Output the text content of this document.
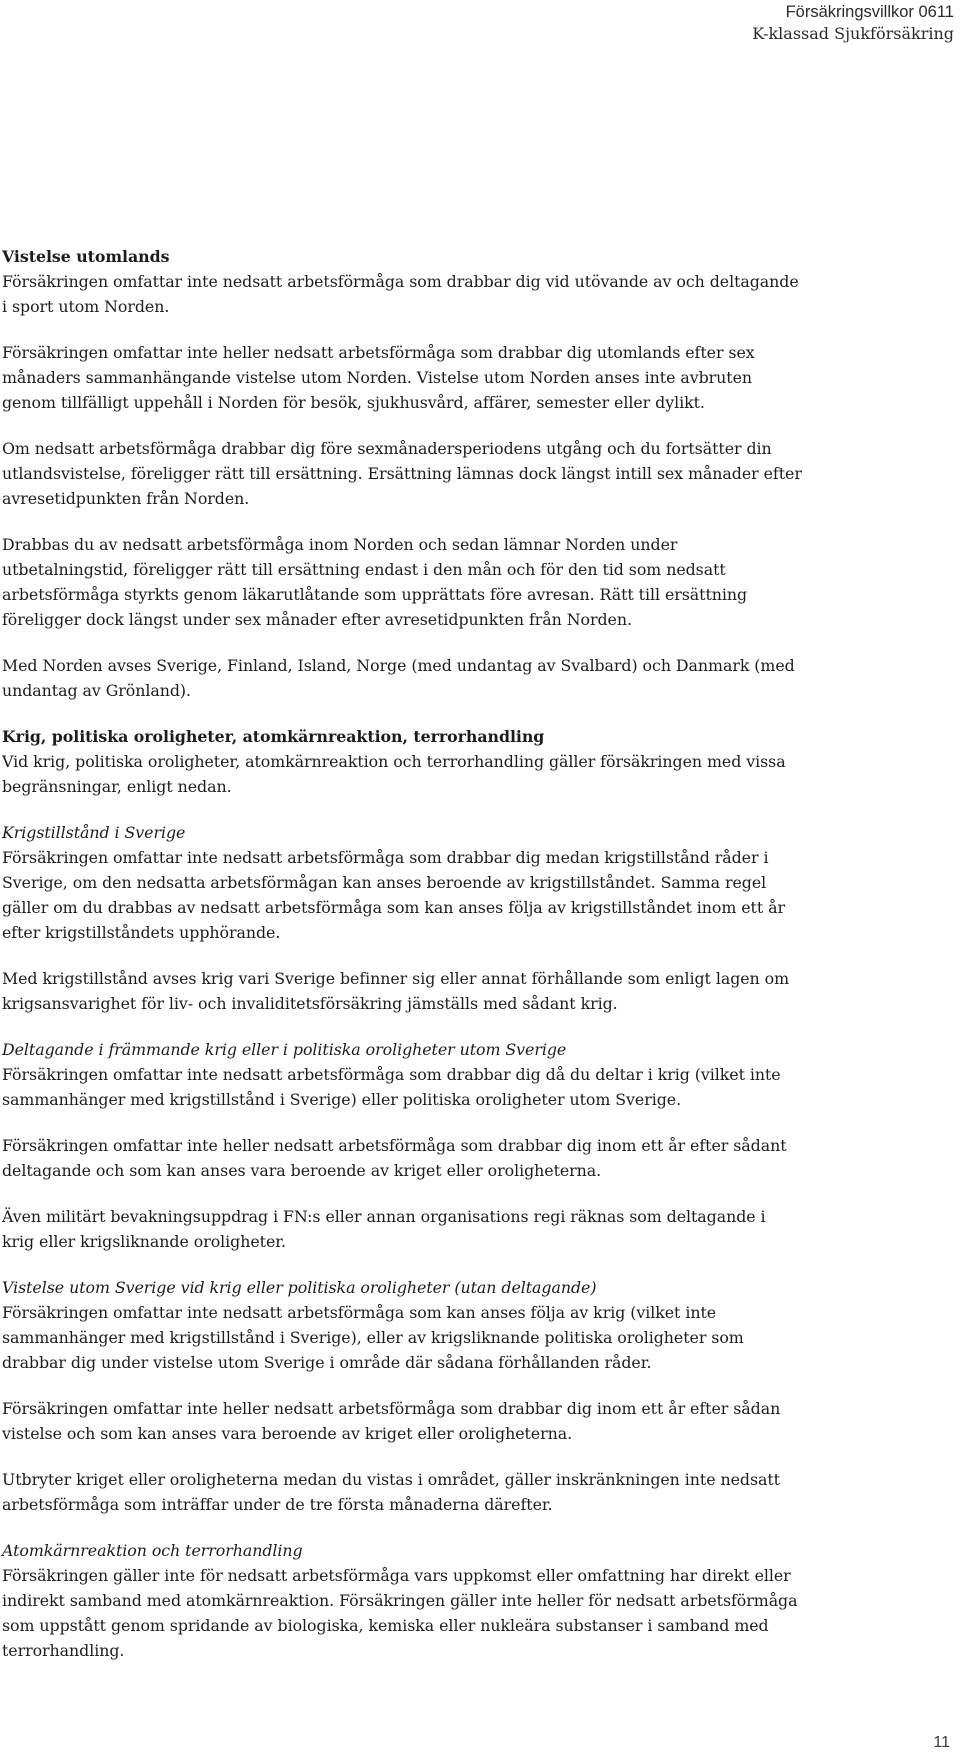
Försäkringsvillkor 0611
K-klassad Sjukförsäkring
Vistelse utomlands
Försäkringen omfattar inte nedsatt arbetsförmåga som drabbar dig vid utövande av och deltagande i sport utom Norden.

Försäkringen omfattar inte heller nedsatt arbetsförmåga som drabbar dig utomlands efter sex månaders sammanhängande vistelse utom Norden. Vistelse utom Norden anses inte avbruten genom tillfälligt uppehåll i Norden för besök, sjukhusvård, affärer, semester eller dylikt.

Om nedsatt arbetsförmåga drabbar dig före sexmånadersperiodens utgång och du fortsätter din utlandsvistelse, föreligger rätt till ersättning. Ersättning lämnas dock längst intill sex månader efter avresetidpunkten från Norden.

Drabbas du av nedsatt arbetsförmåga inom Norden och sedan lämnar Norden under utbetalningstid, föreligger rätt till ersättning endast i den mån och för den tid som nedsatt arbetsförmåga styrkts genom läkarutlåtande som upprättats före avresan. Rätt till ersättning föreligger dock längst under sex månader efter avresetidpunkten från Norden.

Med Norden avses Sverige, Finland, Island, Norge (med undantag av Svalbard) och Danmark (med undantag av Grönland).

Krig, politiska oroligheter, atomkärnreaktion, terrorhandling
Vid krig, politiska oroligheter, atomkärnreaktion och terrorhandling gäller försäkringen med vissa begränsningar, enligt nedan.
Krigstillstånd i Sverige
Försäkringen omfattar inte nedsatt arbetsförmåga som drabbar dig medan krigstillstånd råder i Sverige, om den nedsatta arbetsförmågan kan anses beroende av krigstillståndet. Samma regel gäller om du drabbas av nedsatt arbetsförmåga som kan anses följa av krigstillståndet inom ett år efter krigstillståndets upphörande.

Med krigstillstånd avses krig vari Sverige befinner sig eller annat förhållande som enligt lagen om krigsansvarighet för liv- och invaliditetsförsäkring jämställs med sådant krig.

Deltagande i främmande krig eller i politiska oroligheter utom Sverige
Försäkringen omfattar inte nedsatt arbetsförmåga som drabbar dig då du deltar i krig (vilket inte sammanhänger med krigstillstånd i Sverige) eller politiska oroligheter utom Sverige.

Försäkringen omfattar inte heller nedsatt arbetsförmåga som drabbar dig inom ett år efter sådant deltagande och som kan anses vara beroende av kriget eller oroligheterna.

Även militärt bevakningsuppdrag i FN:s eller annan organisations regi räknas som deltagande i krig eller krigsliknande oroligheter.

Vistelse utom Sverige vid krig eller politiska oroligheter (utan deltagande)
Försäkringen omfattar inte nedsatt arbetsförmåga som kan anses följa av krig (vilket inte sammanhänger med krigstillstånd i Sverige), eller av krigsliknande politiska oroligheter som drabbar dig under vistelse utom Sverige i område där sådana förhållanden råder.

Försäkringen omfattar inte heller nedsatt arbetsförmåga som drabbar dig inom ett år efter sådan vistelse och som kan anses vara beroende av kriget eller oroligheterna.

Utbryter kriget eller oroligheterna medan du vistas i området, gäller inskränkningen inte nedsatt arbetsförmåga som inträffar under de tre första månaderna därefter.

Atomkärnreaktion och terrorhandling
Försäkringen gäller inte för nedsatt arbetsförmåga vars uppkomst eller omfattning har direkt eller indirekt samband med atomkärnreaktion. Försäkringen gäller inte heller för nedsatt arbetsförmåga som uppstått genom spridande av biologiska, kemiska eller nukleära substanser i samband med terrorhandling.
11
